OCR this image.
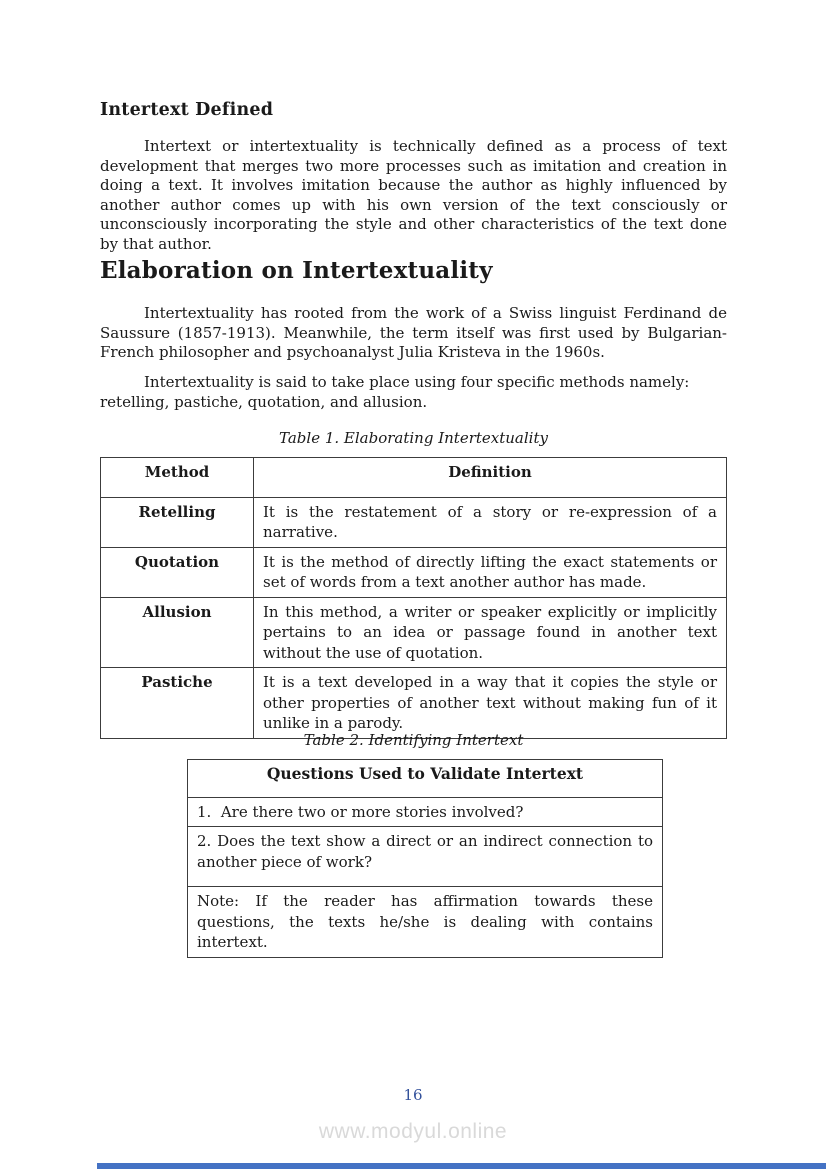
Intertext Defined

Intertext or intertextuality is technically defined as a process of text development that merges two more processes such as imitation and creation in doing a text. It involves imitation because the author as highly influenced by another author comes up with his own version of the text consciously or unconsciously incorporating the style and other characteristics of the text done by that author.

Elaboration on Intertextuality

Intertextuality has rooted from the work of a Swiss linguist Ferdinand de Saussure (1857-1913). Meanwhile, the term itself was first used by Bulgarian-French philosopher and psychoanalyst Julia Kristeva in the 1960s.

Intertextuality is said to take place using four specific methods namely:
retelling, pastiche, quotation, and allusion.

Table 1. Elaborating Intertextuality
Method	Definition
Retelling	It is the restatement of a story or re-expression of a narrative.
Quotation	It is the method of directly lifting the exact statements or set of words from a text another author has made.
Allusion	In this method, a writer or speaker explicitly or implicitly pertains to an idea or passage found in another text without the use of quotation.
Pastiche	It is a text developed in a way that it copies the style or other properties of another text without making fun of it unlike in a parody.
Table 2. Identifying Intertext
Questions Used to Validate Intertext
1.  Are there two or more stories involved?
2. Does the text show a direct or an indirect connection to another piece of work?
Note: If the reader has affirmation towards these questions, the texts he/she is dealing with contains intertext.
16
www.modyul.online
